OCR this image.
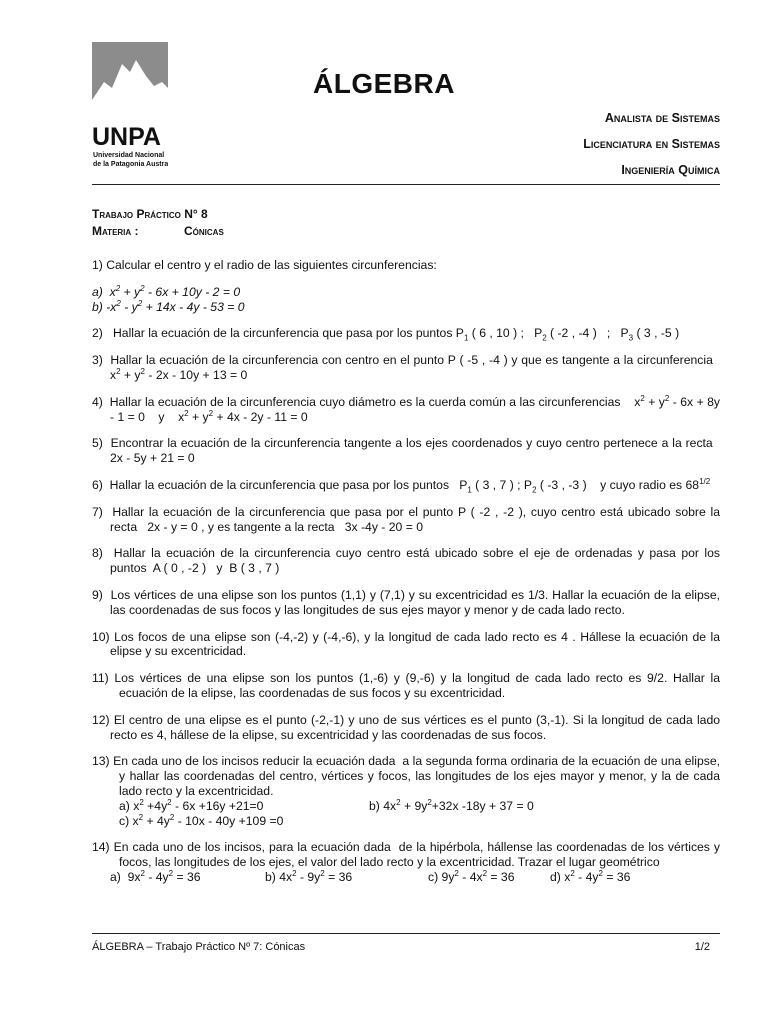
UNPA
Universidad Nacional
de la Patagonia Austral
ÁLGEBRA
Analista de Sistemas
Licenciatura en Sistemas
Ingeniería Química
Trabajo Práctico N° 8
Materia :	Cónicas
1) Calcular el centro y el radio de las siguientes circunferencias:
a)  $x^2 + y^2 - 6x + 10y - 2 = 0$
b) $-x^2 - y^2 + 14x - 4y - 53 = 0$
2)   Hallar la ecuación de la circunferencia que pasa por los puntos $P_1$ ( 6 , 10 ) ;   $P_2$ ( -2 , -4 )   ;   $P_3$ ( 3 , -5 )
3)  Hallar la ecuación de la circunferencia con centro en el punto P ( -5 , -4 ) y que es tangente a la circunferencia   $x^2 + y^2 - 2x - 10y + 13 = 0$
4)  Hallar la ecuación de la circunferencia cuyo diámetro es la cuerda común a las circunferencias    $x^2 + y^2 - 6x + 8y - 1 = 0$    y    $x^2 + y^2 + 4x - 2y - 11 = 0$
5)  Encontrar la ecuación de la circunferencia tangente a los ejes coordenados y cuyo centro pertenece a la recta   2x - 5y + 21 = 0
6)  Hallar la ecuación de la circunferencia que pasa por los puntos   $P_1$ ( 3 , 7 ) ; $P_2$ ( -3 , -3 )    y cuyo radio es $68^{1/2}$
7)  Hallar la ecuación de la circunferencia que pasa por el punto P ( -2 , -2 ), cuyo centro está ubicado sobre la recta   2x - y = 0 , y es tangente a la recta   3x -4y - 20 = 0
8)  Hallar la ecuación de la circunferencia cuyo centro está ubicado sobre el eje de ordenadas y pasa por los puntos  A ( 0 , -2 )   y  B ( 3 , 7 )
9)  Los vértices de una elipse son los puntos (1,1) y (7,1) y su excentricidad es 1/3. Hallar la ecuación de la elipse, las coordenadas de sus focos y las longitudes de sus ejes mayor y menor y de cada lado recto.
10) Los focos de una elipse son (-4,-2) y (-4,-6), y la longitud de cada lado recto es 4 . Hállese la ecuación de la elipse y su excentricidad.
11) Los vértices de una elipse son los puntos (1,-6) y (9,-6) y la longitud de cada lado recto es 9/2. Hallar la ecuación de la elipse, las coordenadas de sus focos y su excentricidad.
12) El centro de una elipse es el punto (-2,-1) y uno de sus vértices es el punto (3,-1). Si la longitud de cada lado recto es 4, hállese de la elipse, su excentricidad y las coordenadas de sus focos.
13) En cada uno de los incisos reducir la ecuación dada  a la segunda forma ordinaria de la ecuación de una elipse, y hallar las coordenadas del centro, vértices y focos, las longitudes de los ejes mayor y menor, y la de cada lado recto y la excentricidad.
a) $x^2 +4y^2 - 6x +16y +21=0$	b) $4x^2 + 9y^2+32x$ -18y + 37 = 0
c) $x^2 + 4y^2 - 10x - 40y +109 =0$
14) En cada uno de los incisos, para la ecuación dada  de la hipérbola, hállense las coordenadas de los vértices y focos, las longitudes de los ejes, el valor del lado recto y la excentricidad. Trazar el lugar geométrico
a)  $9x^2 - 4y^2 = 36$	b) $4x^2 - 9y^2 = 36$	c) $9y^2 - 4x^2 = 36$	d) $x^2 - 4y^2 = 36$
ÁLGEBRA – Trabajo Práctico Nº 7: Cónicas	1/2
